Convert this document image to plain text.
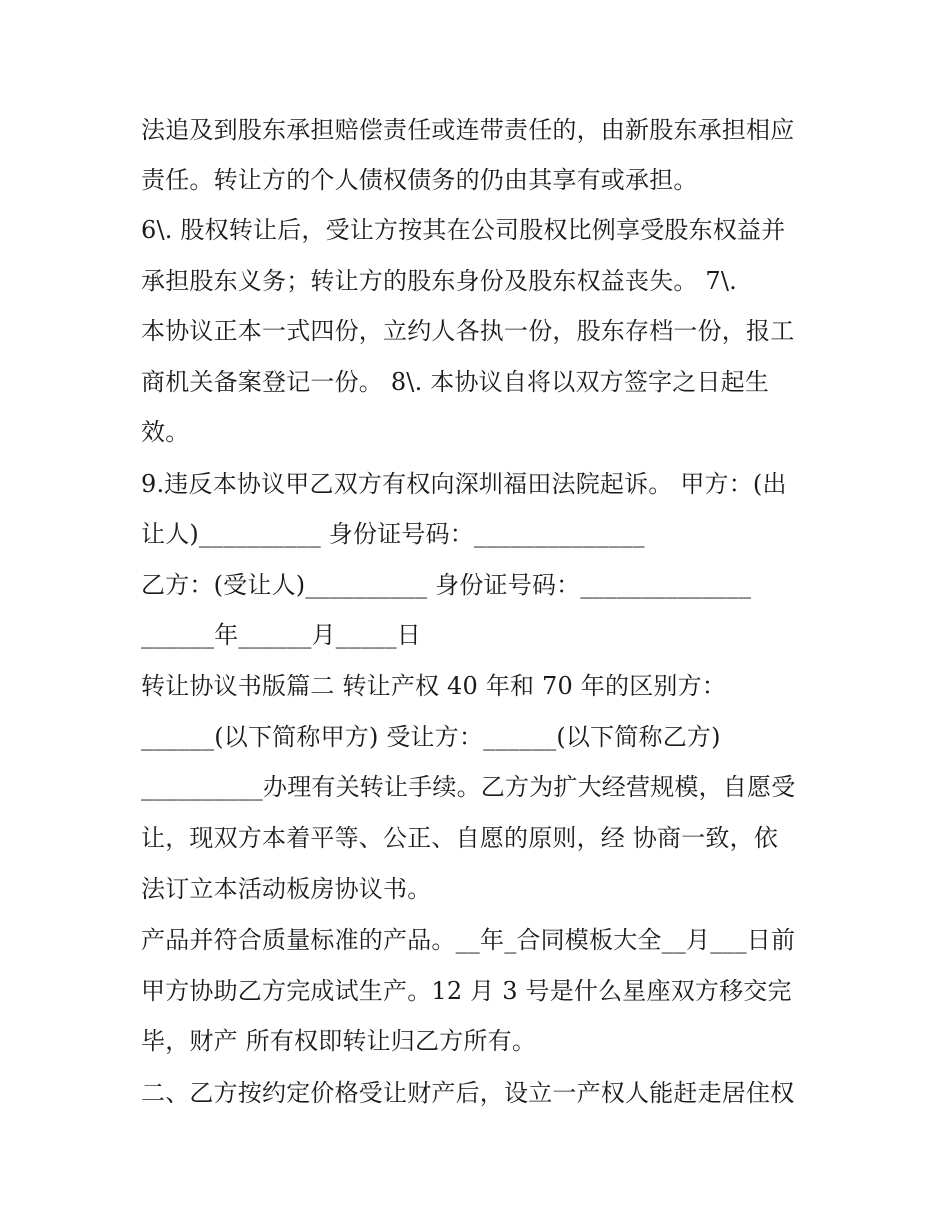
法追及到股东承担赔偿责任或连带责任的，由新股东承担相应
责任。转让方的个人债权债务的仍由其享有或承担。
6\. 股权转让后，受让方按其在公司股权比例享受股东权益并
承担股东义务；转让方的股东身份及股东权益丧失。 7\.
本协议正本一式四份，立约人各执一份，股东存档一份，报工
商机关备案登记一份。 8\. 本协议自将以双方签字之日起生
效。
9.违反本协议甲乙双方有权向深圳福田法院起诉。 甲方：(出
让人)__________ 身份证号码：______________
乙方：(受让人)__________ 身份证号码：______________
______年______月_____日
转让协议书版篇二 转让产权 40 年和 70 年的区别方：
______(以下简称甲方) 受让方：______(以下简称乙方)
__________办理有关转让手续。乙方为扩大经营规模，自愿受
让，现双方本着平等、公正、自愿的原则，经 协商一致，依
法订立本活动板房协议书。
产品并符合质量标准的产品。__年_合同模板大全__月___日前
甲方协助乙方完成试生产。12 月 3 号是什么星座双方移交完
毕，财产 所有权即转让归乙方所有。
二、乙方按约定价格受让财产后，设立一产权人能赶走居住权
